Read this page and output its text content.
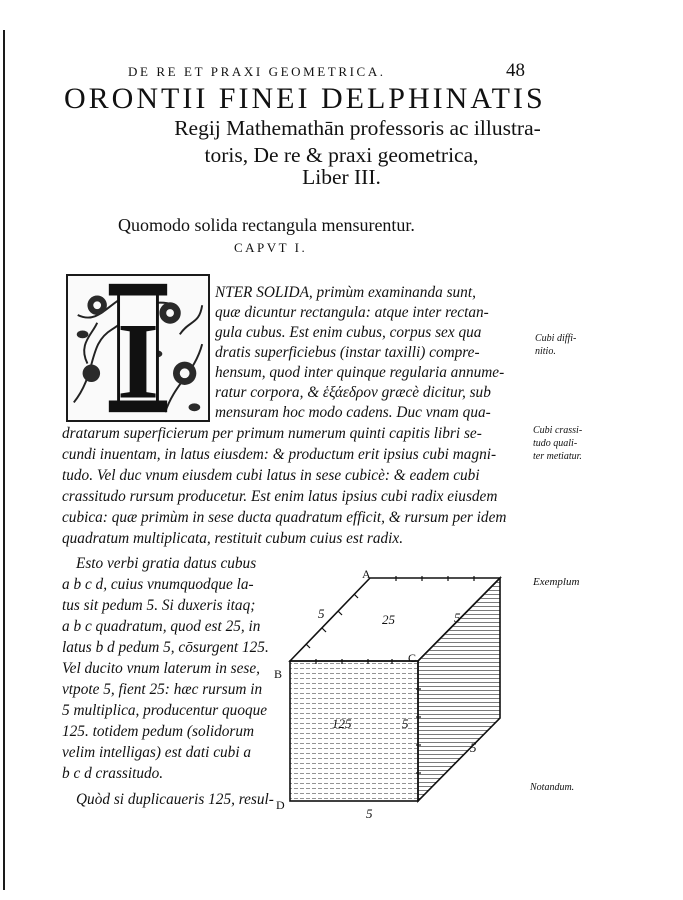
DE RE ET PRAXI GEOMETRICA.	48
ORONTII FINEI DELPHINATIS
Regij Mathemathān professoris ac illustra-
toris, De re & praxi geometrica,
Liber III.
Quomodo solida rectangula mensurentur.
CAPVT I.
I
NTER SOLIDA, primùm examinanda sunt,
quæ dicuntur rectangula: atque inter rectan-
gula cubus. Est enim cubus, corpus sex qua
dratis superficiebus (instar taxilli) compre-
hensum, quod inter quinque regularia annume-
ratur corpora, & ἑξάεδρον græcè dicitur, sub
mensuram hoc modo cadens. Duc vnam qua-
dratarum superficierum per primum numerum quinti capitis libri se-
cundi inuentam, in latus eiusdem: & productum erit ipsius cubi magni-
tudo. Vel duc vnum eiusdem cubi latus in sese cubicè: & eadem cubi
crassitudo rursum producetur. Est enim latus ipsius cubi radix eiusdem
cubica: quæ primùm in sese ducta quadratum efficit, & rursum per idem
quadratum multiplicata, restituit cubum cuius est radix.
Esto verbi gratia datus cubus
a b c d, cuius vnumquodque la-
tus sit pedum 5. Si duxeris itaq;
a b c quadratum, quod est 25, in
latus b d pedum 5, cōsurgent 125.
Vel ducito vnum laterum in sese,
vtpote 5, fient 25: hæc rursum in
5 multiplica, producentur quoque
125. totidem pedum (solidorum
velim intelligas) est dati cubi a
b c d crassitudo.
Quòd si duplicaueris 125, resul-
Cubi diffi-
nitio.
Cubi crassi-
tudo quali-
ter metiatur.
Exemplum
Notandum.
A
B
C
D
25
125
5	5
5
5
5
